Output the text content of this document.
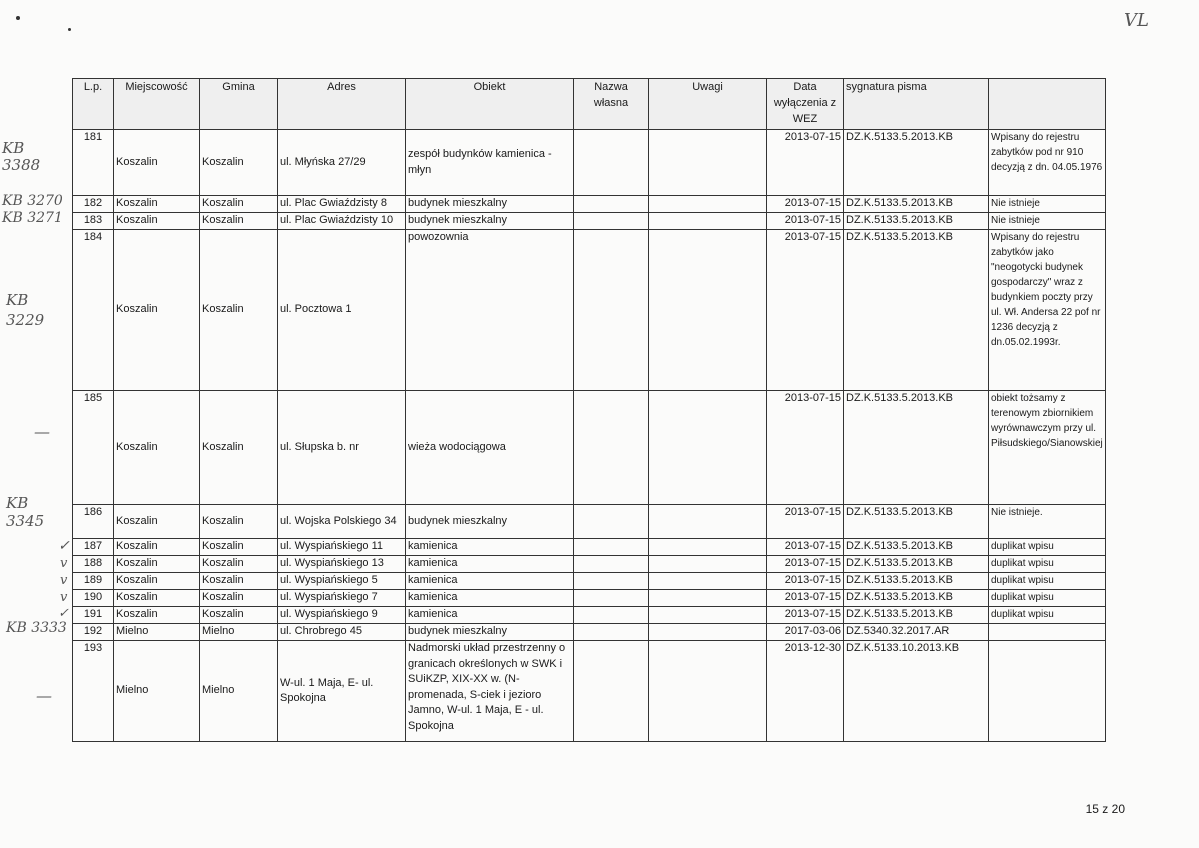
VL
KB 3388
KB 3270
KB 3271
KB 3229
—
KB 3345
✓
v
v
v
✓
KB 3333
—
L.p.	Miejscowość	Gmina	Adres	Obiekt	Nazwa własna	Uwagi	Data wyłączenia z WEZ	sygnatura pisma	
181	Koszalin	Koszalin	ul. Młyńska 27/29	zespół budynków kamienica - młyn			2013-07-15	DZ.K.5133.5.2013.KB	Wpisany do rejestru zabytków pod nr 910 decyzją z dn. 04.05.1976
182	Koszalin	Koszalin	ul. Plac Gwiaździsty 8	budynek mieszkalny			2013-07-15	DZ.K.5133.5.2013.KB	Nie istnieje
183	Koszalin	Koszalin	ul. Plac Gwiaździsty 10	budynek mieszkalny			2013-07-15	DZ.K.5133.5.2013.KB	Nie istnieje
184	Koszalin	Koszalin	ul. Pocztowa 1	powozownia			2013-07-15	DZ.K.5133.5.2013.KB	Wpisany do rejestru zabytków jako "neogotycki budynek gospodarczy" wraz z budynkiem poczty przy ul. Wł. Andersa 22 pof nr 1236 decyzją z dn.05.02.1993r.
185	Koszalin	Koszalin	ul. Słupska b. nr	wieża wodociągowa			2013-07-15	DZ.K.5133.5.2013.KB	obiekt tożsamy z terenowym zbiornikiem wyrównawczym przy ul. Piłsudskiego/Sianowskiej
186	Koszalin	Koszalin	ul. Wojska Polskiego 34	budynek mieszkalny			2013-07-15	DZ.K.5133.5.2013.KB	Nie istnieje.
187	Koszalin	Koszalin	ul. Wyspiańskiego 11	kamienica			2013-07-15	DZ.K.5133.5.2013.KB	duplikat wpisu
188	Koszalin	Koszalin	ul. Wyspiańskiego 13	kamienica			2013-07-15	DZ.K.5133.5.2013.KB	duplikat wpisu
189	Koszalin	Koszalin	ul. Wyspiańskiego 5	kamienica			2013-07-15	DZ.K.5133.5.2013.KB	duplikat wpisu
190	Koszalin	Koszalin	ul. Wyspiańskiego 7	kamienica			2013-07-15	DZ.K.5133.5.2013.KB	duplikat wpisu
191	Koszalin	Koszalin	ul. Wyspiańskiego 9	kamienica			2013-07-15	DZ.K.5133.5.2013.KB	duplikat wpisu
192	Mielno	Mielno	ul. Chrobrego 45	budynek mieszkalny			2017-03-06	DZ.5340.32.2017.AR	
193	Mielno	Mielno	W-ul. 1 Maja, E- ul. Spokojna	Nadmorski układ przestrzenny o granicach określonych w SWK i SUiKZP, XIX-XX w. (N- promenada, S-ciek i jezioro Jamno, W-ul. 1 Maja, E - ul. Spokojna			2013-12-30	DZ.K.5133.10.2013.KB	
15 z 20
